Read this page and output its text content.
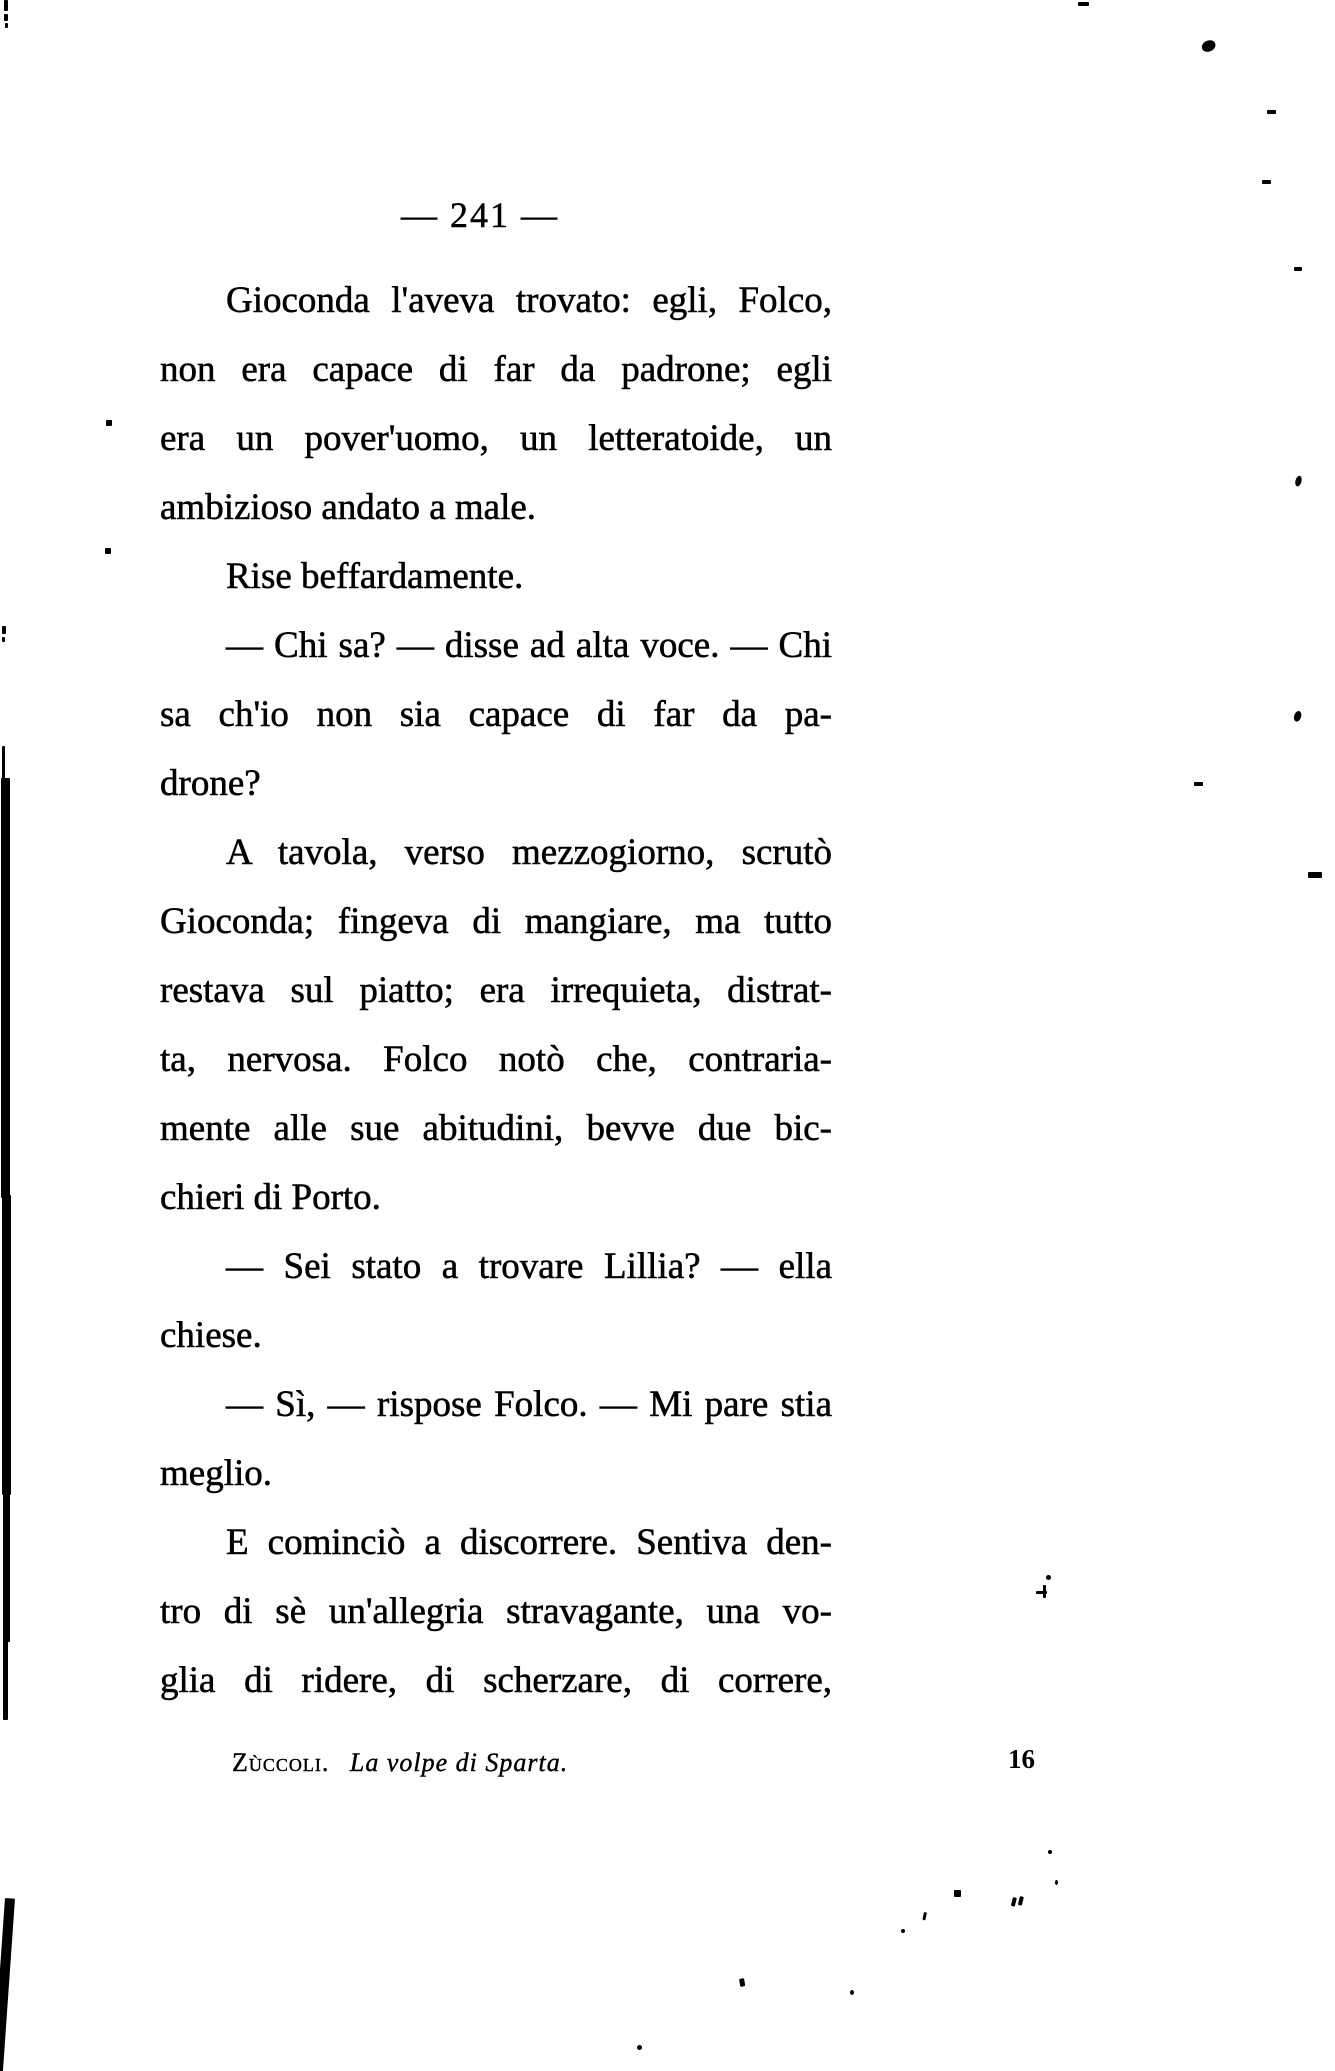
— 241 —
Gioconda l'aveva trovato: egli, Folco,
non era capace di far da padrone; egli
era un pover'uomo, un letteratoide, un
ambizioso andato a male.
Rise beffardamente.
— Chi sa? — disse ad alta voce. — Chi
sa ch'io non sia capace di far da pa-
drone?
A tavola, verso mezzogiorno, scrutò
Gioconda; fingeva di mangiare, ma tutto
restava sul piatto; era irrequieta, distrat-
ta, nervosa. Folco notò che, contraria-
mente alle sue abitudini, bevve due bic-
chieri di Porto.
— Sei stato a trovare Lillia? — ella
chiese.
— Sì, — rispose Folco. — Mi pare stia
meglio.
E cominciò a discorrere. Sentiva den-
tro di sè un'allegria stravagante, una vo-
glia di ridere, di scherzare, di correre,
Zùccoli. La volpe di Sparta.	16
